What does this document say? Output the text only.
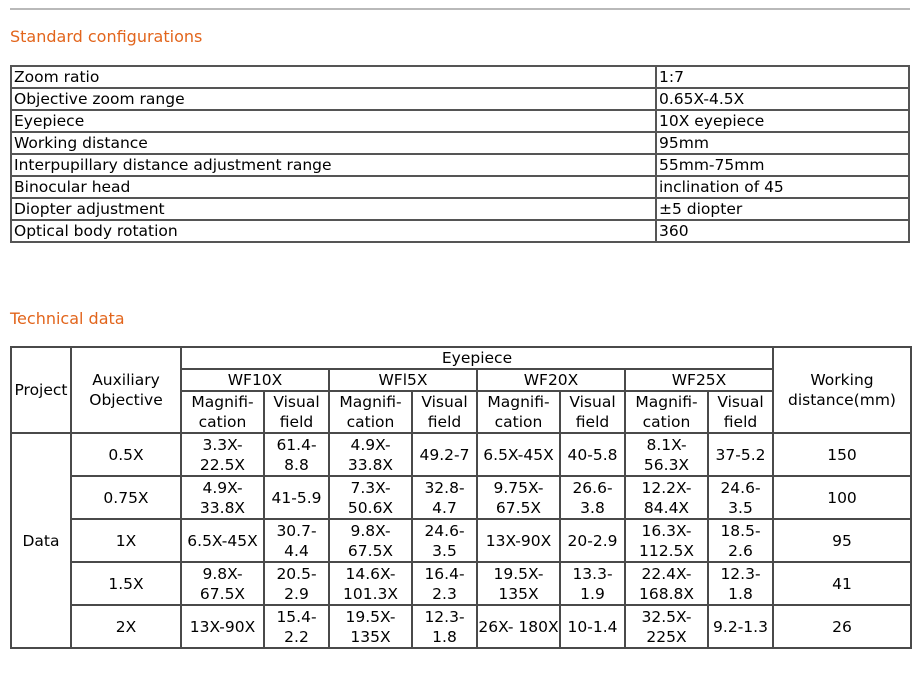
Standard configurations
Zoom ratio	1:7
Objective zoom range	0.65X-4.5X
Eyepiece	10X eyepiece
Working distance	95mm
Interpupillary distance adjustment range	55mm-75mm
Binocular head	inclination of 45
Diopter adjustment	±5 diopter
Optical body rotation	360
Technical data
Project	Auxiliary Objective	Eyepiece								Working distance(mm)
		WF10X		WFl5X		WF20X		WF25X		
		Magnifi- cation	Visual field	Magnifi- cation	Visual field	Magnifi- cation	Visual field	Magnifi- cation	Visual field	
Data	0.5X	3.3X- 22.5X	61.4- 8.8	4.9X- 33.8X	49.2-7	6.5X-45X	40-5.8	8.1X- 56.3X	37-5.2	150
	0.75X	4.9X- 33.8X	41-5.9	7.3X- 50.6X	32.8- 4.7	9.75X- 67.5X	26.6- 3.8	12.2X- 84.4X	24.6- 3.5	100
	1X	6.5X-45X	30.7- 4.4	9.8X- 67.5X	24.6- 3.5	13X-90X	20-2.9	16.3X- 112.5X	18.5- 2.6	95
	1.5X	9.8X- 67.5X	20.5- 2.9	14.6X- 101.3X	16.4- 2.3	19.5X- 135X	13.3- 1.9	22.4X- 168.8X	12.3- 1.8	41
	2X	13X-90X	15.4- 2.2	19.5X- 135X	12.3- 1.8	26X- 180X	10-1.4	32.5X- 225X	9.2-1.3	26
